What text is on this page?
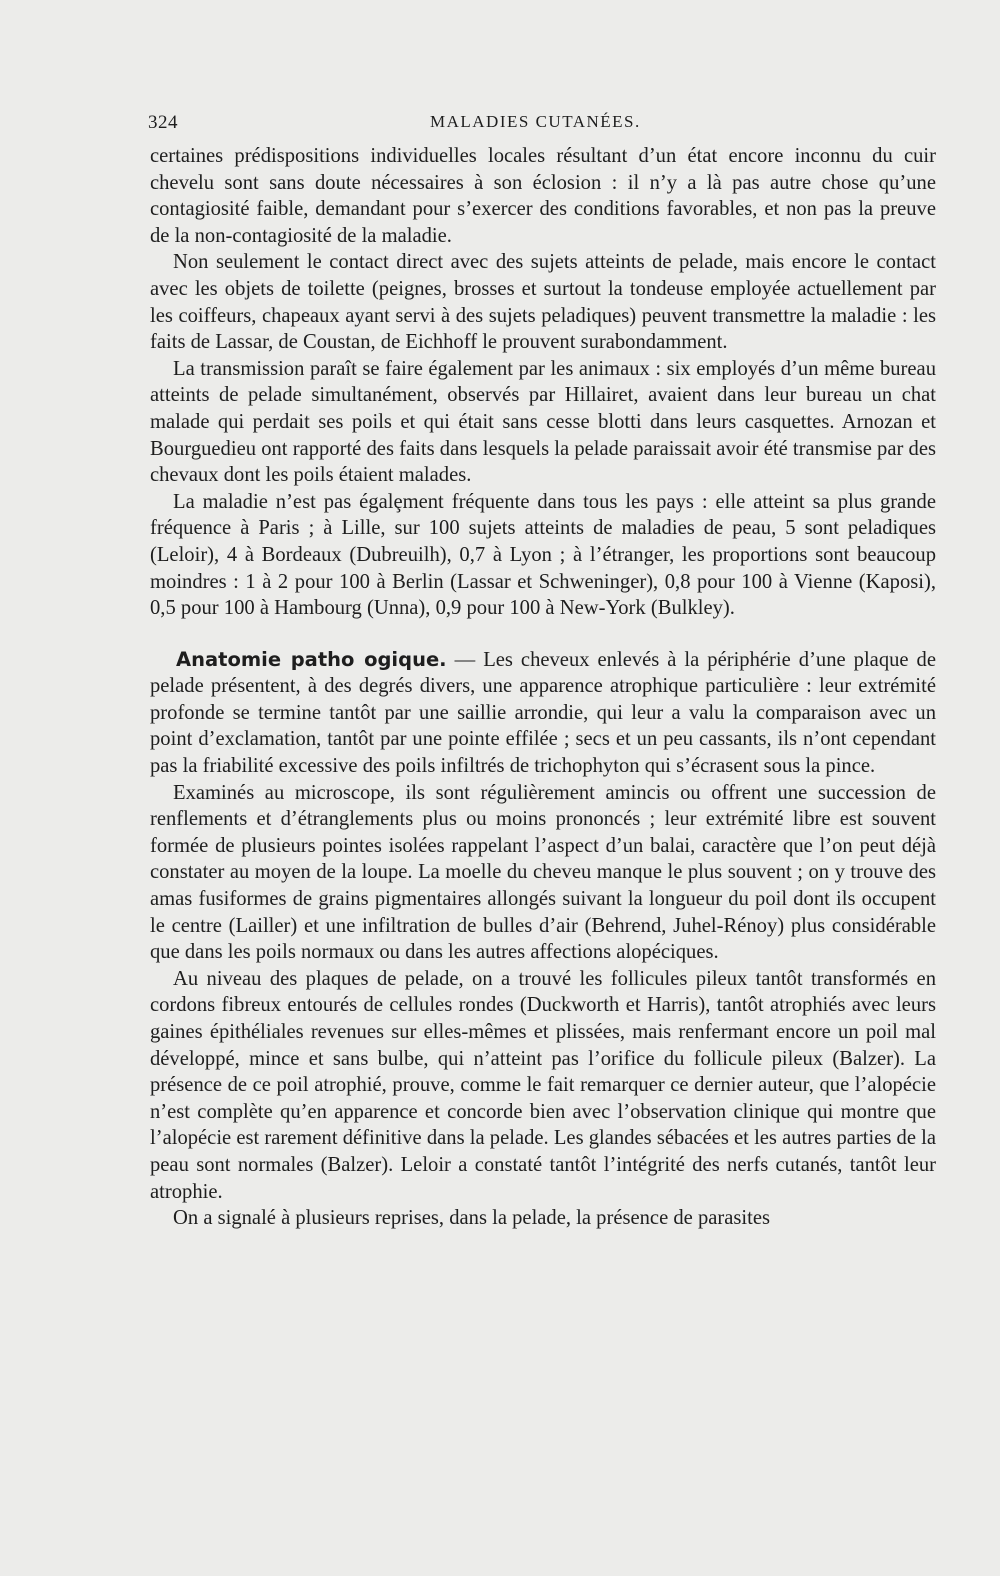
324	MALADIES CUTANÉES.

certaines prédispositions individuelles locales résultant d’un état encore inconnu du cuir chevelu sont sans doute nécessaires à son éclosion : il n’y a là pas autre chose qu’une contagiosité faible, demandant pour s’exercer des conditions favorables, et non pas la preuve de la non-contagiosité de la maladie.

Non seulement le contact direct avec des sujets atteints de pelade, mais encore le contact avec les objets de toilette (peignes, brosses et surtout la tondeuse employée actuellement par les coiffeurs, chapeaux ayant servi à des sujets peladiques) peuvent transmettre la maladie : les faits de Lassar, de Coustan, de Eichhoff le prouvent surabondamment.

La transmission paraît se faire également par les animaux : six employés d’un même bureau atteints de pelade simultanément, observés par Hillairet, avaient dans leur bureau un chat malade qui perdait ses poils et qui était sans cesse blotti dans leurs casquettes. Arnozan et Bourguedieu ont rapporté des faits dans lesquels la pelade paraissait avoir été transmise par des chevaux dont les poils étaient malades.

La maladie n’est pas égalȩment fréquente dans tous les pays : elle atteint sa plus grande fréquence à Paris ; à Lille, sur 100 sujets atteints de maladies de peau, 5 sont peladiques (Leloir), 4 à Bordeaux (Dubreuilh), 0,7 à Lyon ; à l’étranger, les proportions sont beaucoup moindres : 1 à 2 pour 100 à Berlin (Lassar et Schweninger), 0,8 pour 100 à Vienne (Kaposi), 0,5 pour 100 à Hambourg (Unna), 0,9 pour 100 à New-York (Bulkley).

Anatomie patho ogique. — Les cheveux enlevés à la périphérie d’une plaque de pelade présentent, à des degrés divers, une apparence atrophique particulière : leur extrémité profonde se termine tantôt par une saillie arrondie, qui leur a valu la comparaison avec un point d’exclamation, tantôt par une pointe effilée ; secs et un peu cassants, ils n’ont cependant pas la friabilité excessive des poils infiltrés de trichophyton qui s’écrasent sous la pince.

Examinés au microscope, ils sont régulièrement amincis ou offrent une succession de renflements et d’étranglements plus ou moins prononcés ; leur extrémité libre est souvent formée de plusieurs pointes isolées rappelant l’aspect d’un balai, caractère que l’on peut déjà constater au moyen de la loupe. La moelle du cheveu manque le plus souvent ; on y trouve des amas fusiformes de grains pigmentaires allongés suivant la longueur du poil dont ils occupent le centre (Lailler) et une infiltration de bulles d’air (Behrend, Juhel-Rénoy) plus considérable que dans les poils normaux ou dans les autres affections alopéciques.

Au niveau des plaques de pelade, on a trouvé les follicules pileux tantôt transformés en cordons fibreux entourés de cellules rondes (Duckworth et Harris), tantôt atrophiés avec leurs gaines épithéliales revenues sur elles-mêmes et plissées, mais renfermant encore un poil mal développé, mince et sans bulbe, qui n’atteint pas l’orifice du follicule pileux (Balzer). La présence de ce poil atrophié, prouve, comme le fait remarquer ce dernier auteur, que l’alopécie n’est complète qu’en apparence et concorde bien avec l’observation clinique qui montre que l’alopécie est rarement définitive dans la pelade. Les glandes sébacées et les autres parties de la peau sont normales (Balzer). Leloir a constaté tantôt l’intégrité des nerfs cutanés, tantôt leur atrophie.

On a signalé à plusieurs reprises, dans la pelade, la présence de parasites
